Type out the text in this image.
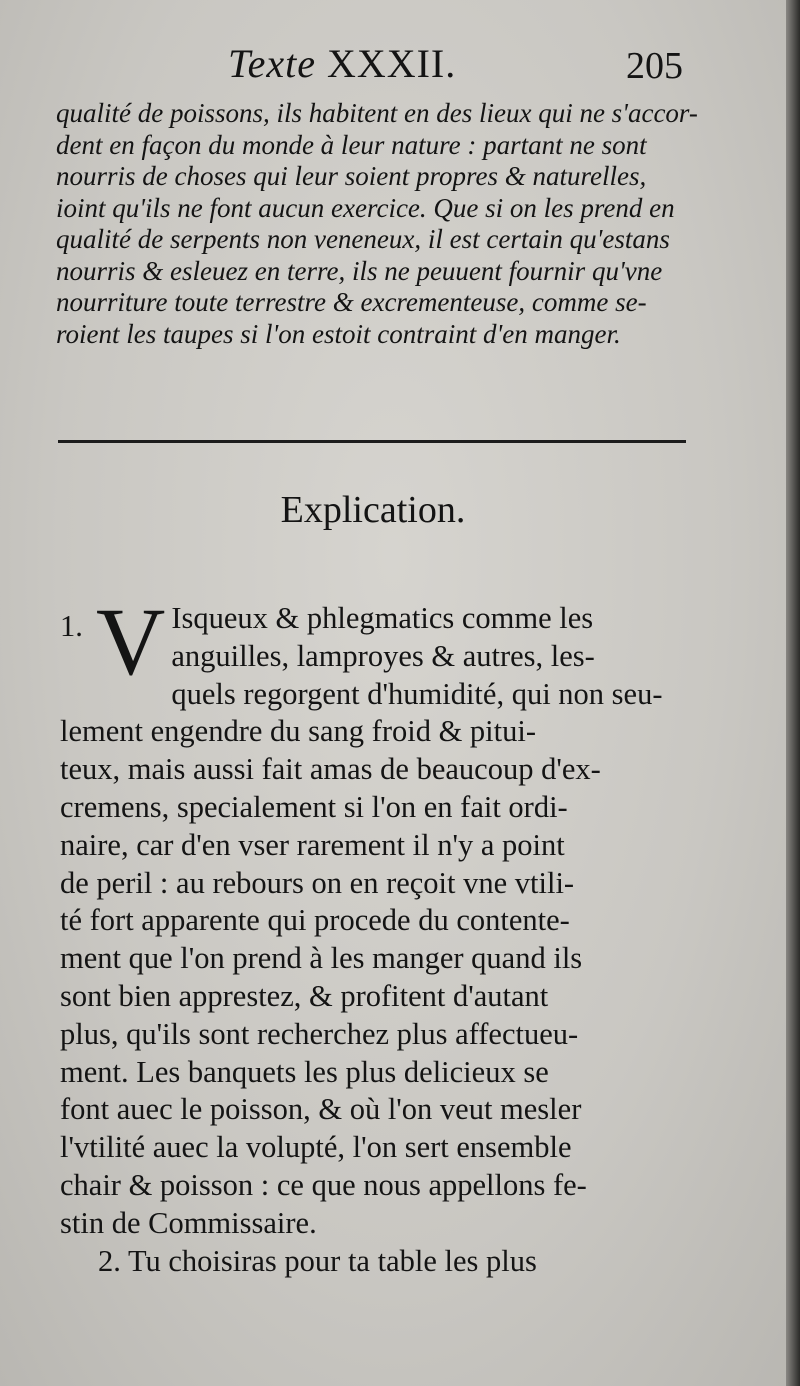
Texte XXXII.	205
qualité de poissons, ils habitent en des lieux qui ne s'accor-
dent en façon du monde à leur nature : partant ne sont
nourris de choses qui leur soient propres & naturelles,
ioint qu'ils ne font aucun exercice. Que si on les prend en
qualité de serpents non veneneux, il est certain qu'estans
nourris & esleuez en terre, ils ne peuuent fournir qu'vne
nourriture toute terrestre & excrementeuse, comme se-
roient les taupes si l'on estoit contraint d'en manger.
Explication.
1. V Isqueux & phlegmatics comme les
anguilles, lamproyes & autres, les-
quels regorgent d'humidité, qui non seu-
lement engendre du sang froid & pitui-
teux, mais aussi fait amas de beaucoup d'ex-
cremens, specialement si l'on en fait ordi-
naire, car d'en vser rarement il n'y a point
de peril : au rebours on en reçoit vne vtili-
té fort apparente qui procede du contente-
ment que l'on prend à les manger quand ils
sont bien apprestez, & profitent d'autant
plus, qu'ils sont recherchez plus affectueu-
ment. Les banquets les plus delicieux se
font auec le poisson, & où l'on veut mesler
l'vtilité auec la volupté, l'on sert ensemble
chair & poisson : ce que nous appellons fe-
stin de Commissaire.
2. Tu choisiras pour ta table les plus
